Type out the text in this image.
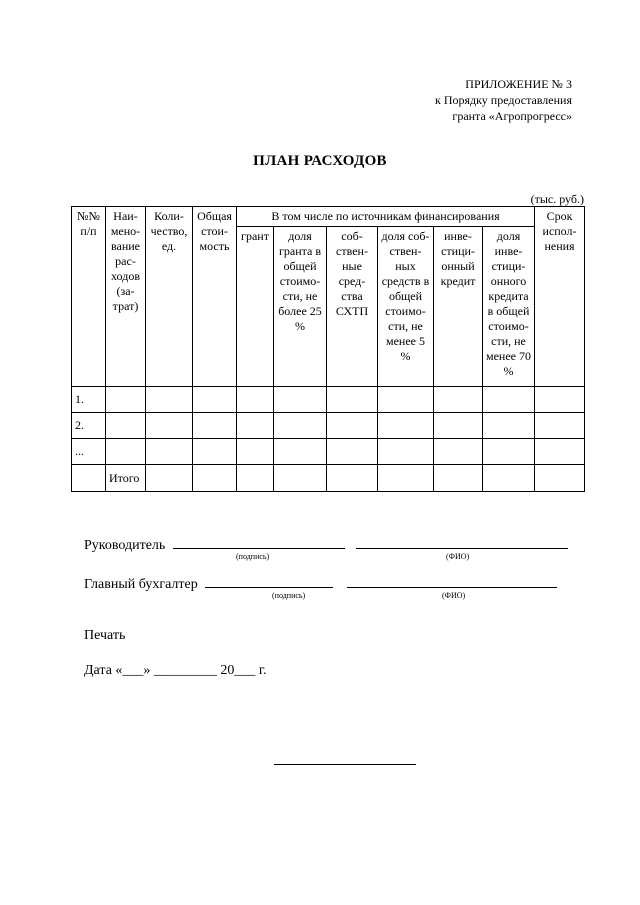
ПРИЛОЖЕНИЕ № 3
к Порядку предоставления
гранта «Агропрогресс»
ПЛАН РАСХОДОВ
(тыс. руб.)
№№ п/п	Наи- мено- вание рас- ходов (за- трат)	Коли- чество, ед.	Общая стои- мость	В том числе по источникам финансирования						Срок испол- нения
				грант	доля гранта в общей стоимо- сти, не более 25 %	соб- ствен- ные сред- ства СХТП	доля соб- ствен- ных средств в общей стоимо- сти, не менее 5 %	инве- стици- онный кредит	доля инве- стици- онного кредита в общей стоимо- сти, не менее 70 %	
1.										
2.										
...										
	Итого									
Руководитель
(подпись)	(ФИО)
Главный бухгалтер
(подпись)	(ФИО)
Печать
Дата «___» _________ 20___ г.
